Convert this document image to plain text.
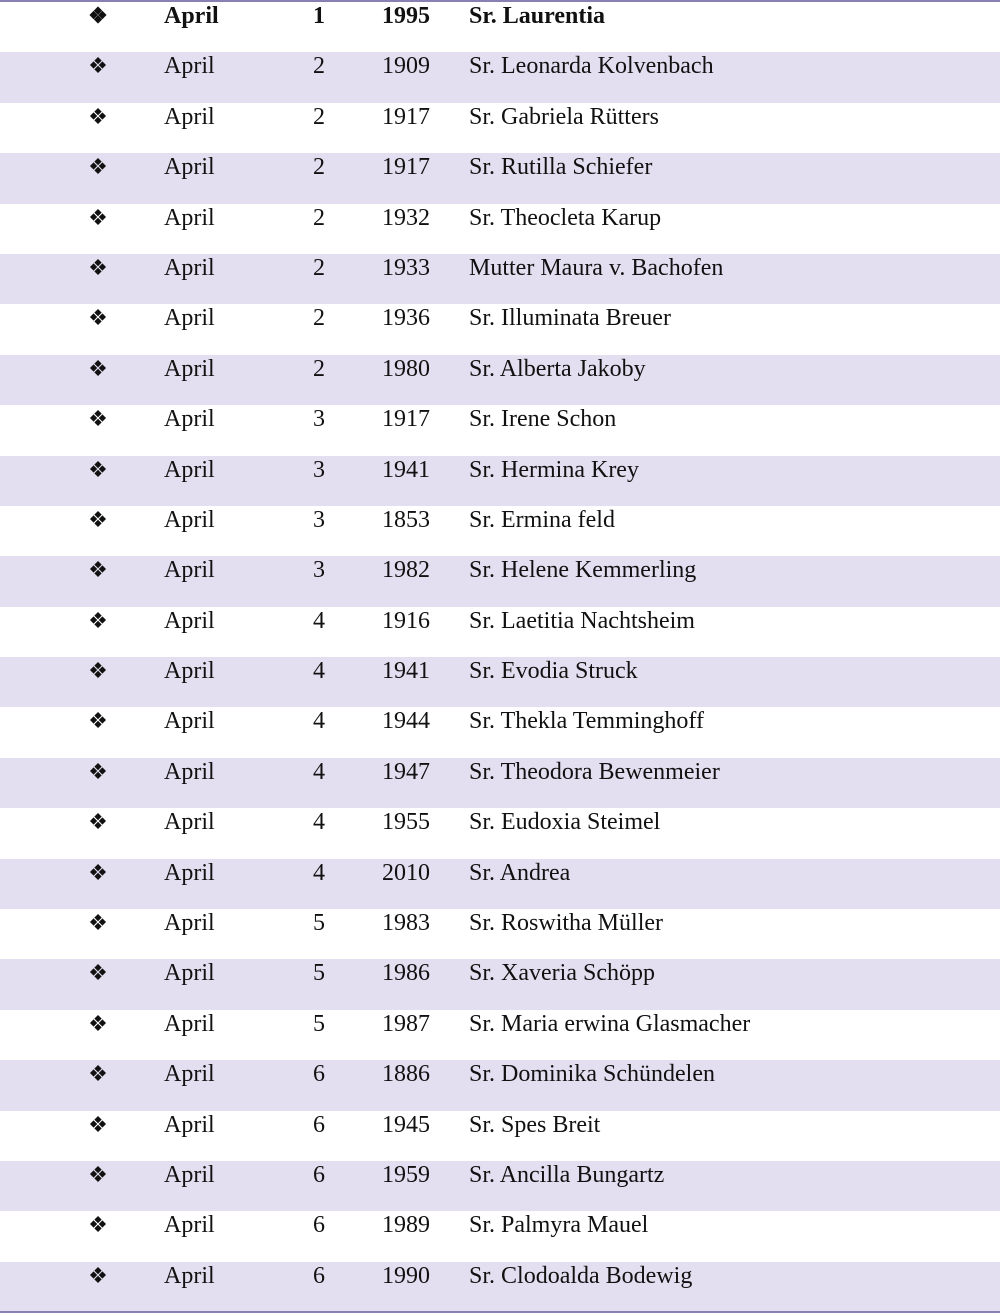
❖ April	1	1995 Sr. Laurentia
❖ April	2	1909 Sr. Leonarda Kolvenbach
❖ April	2	1917 Sr. Gabriela Rütters
❖ April	2	1917 Sr. Rutilla Schiefer
❖ April	2	1932 Sr. Theocleta Karup
❖ April	2	1933 Mutter Maura v. Bachofen
❖ April	2	1936 Sr. Illuminata Breuer
❖ April	2	1980 Sr. Alberta Jakoby
❖ April	3	1917 Sr. Irene Schon
❖ April	3	1941 Sr. Hermina Krey
❖ April	3	1853 Sr. Ermina feld
❖ April	3	1982 Sr. Helene Kemmerling
❖ April	4	1916 Sr. Laetitia Nachtsheim
❖ April	4	1941 Sr. Evodia Struck
❖ April	4	1944 Sr. Thekla Temminghoff
❖ April	4	1947 Sr. Theodora Bewenmeier
❖ April	4	1955 Sr. Eudoxia Steimel
❖ April	4	2010 Sr. Andrea
❖ April	5	1983 Sr. Roswitha Müller
❖ April	5	1986 Sr. Xaveria Schöpp
❖ April	5	1987 Sr. Maria erwina Glasmacher
❖ April	6	1886 Sr. Dominika Schündelen
❖ April	6	1945 Sr. Spes Breit
❖ April	6	1959 Sr. Ancilla Bungartz
❖ April	6	1989 Sr. Palmyra Mauel
❖ April	6	1990 Sr. Clodoalda Bodewig
